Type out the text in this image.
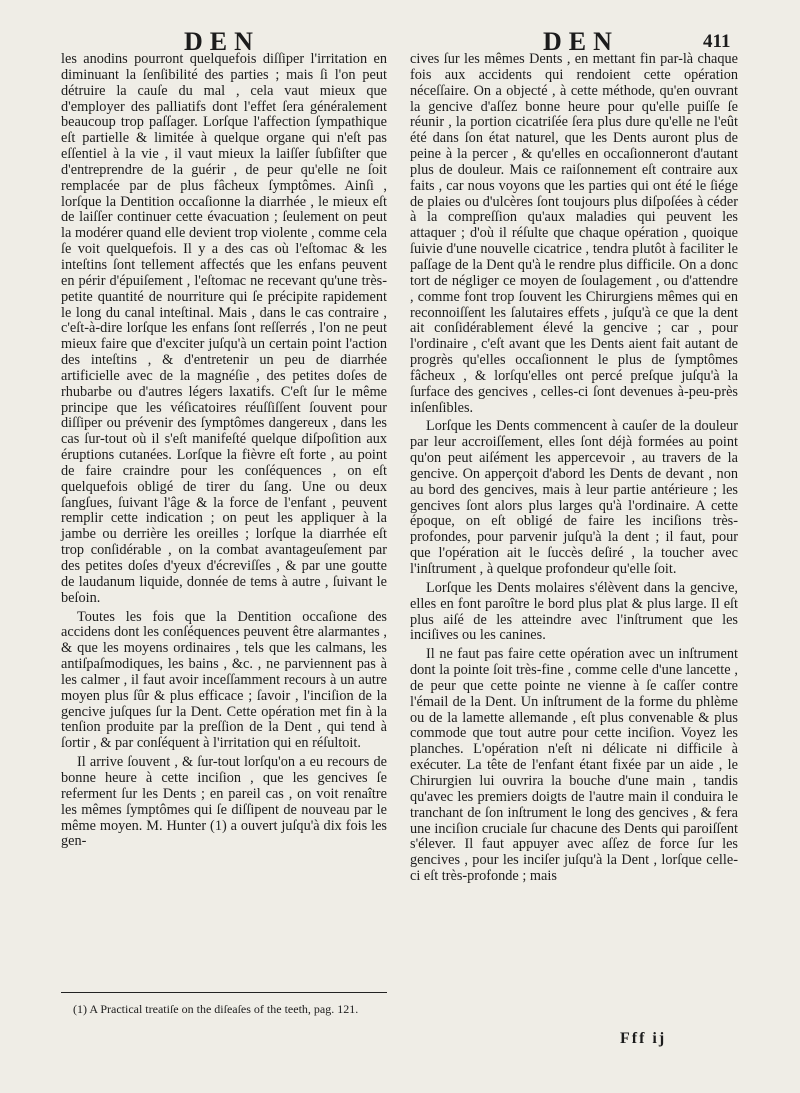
DEN	DEN	411

les anodins pourront quelquefois diſſiper l'irritation en diminuant la ſenſibilité des parties ; mais ſi l'on peut détruire la cauſe du mal , cela vaut mieux que d'employer des palliatifs dont l'effet ſera généralement beaucoup trop paſſager. Lorſque l'affection ſympathique eſt partielle & limitée à quelque organe qui n'eſt pas eſſentiel à la vie , il vaut mieux la laiſſer ſubſiſter que d'entreprendre de la guérir , de peur qu'elle ne ſoit remplacée par de plus fâcheux ſymptômes. Ainſi , lorſque la Dentition occaſionne la diarrhée , le mieux eſt de laiſſer continuer cette évacuation ; ſeulement on peut la modérer quand elle devient trop violente , comme cela ſe voit quelquefois. Il y a des cas où l'eſtomac & les inteſtins ſont tellement affectés que les enfans peuvent en périr d'épuiſement , l'eſtomac ne recevant qu'une très-petite quantité de nourriture qui ſe précipite rapidement le long du canal inteſtinal. Mais , dans le cas contraire , c'eſt-à-dire lorſque les enfans ſont reſſerrés , l'on ne peut mieux faire que d'exciter juſqu'à un certain point l'action des inteſtins , & d'entretenir un peu de diarrhée artificielle avec de la magnéſie , des petites doſes de rhubarbe ou d'autres légers laxatifs. C'eſt ſur le même principe que les véſicatoires réuſſiſſent ſouvent pour diſſiper ou prévenir des ſymptômes dangereux , dans les cas ſur-tout où il s'eſt manifeſté quelque diſpoſition aux éruptions cutanées. Lorſque la fièvre eſt forte , au point de faire craindre pour les conſéquences , on eſt quelquefois obligé de tirer du ſang. Une ou deux ſangſues, ſuivant l'âge & la force de l'enfant , peuvent remplir cette indication ; on peut les appliquer à la jambe ou derrière les oreilles ; lorſque la diarrhée eſt trop conſidérable , on la combat avantageuſement par des petites doſes d'yeux d'écreviſſes , & par une goutte de laudanum liquide, donnée de tems à autre , ſuivant le beſoin.

Toutes les fois que la Dentition occaſione des accidens dont les conſéquences peuvent être alarmantes , & que les moyens ordinaires , tels que les calmans, les antiſpaſmodiques, les bains , &c. , ne parviennent pas à les calmer , il faut avoir inceſſamment recours à un autre moyen plus ſûr & plus efficace ; ſavoir , l'inciſion de la gencive juſques ſur la Dent. Cette opération met fin à la tenſion produite par la preſſion de la Dent , qui tend à ſortir , & par conſéquent à l'irritation qui en réſultoit.

Il arrive ſouvent , & ſur-tout lorſqu'on a eu recours de bonne heure à cette inciſion , que les gencives ſe referment ſur les Dents ; en pareil cas , on voit renaître les mêmes ſymptômes qui ſe diſſipent de nouveau par le même moyen. M. Hunter (1) a ouvert juſqu'à dix fois les gen-

cives ſur les mêmes Dents , en mettant fin par-là chaque fois aux accidents qui rendoient cette opération néceſſaire. On a objecté , à cette méthode, qu'en ouvrant la gencive d'aſſez bonne heure pour qu'elle puiſſe ſe réunir , la portion cicatriſée ſera plus dure qu'elle ne l'eût été dans ſon état naturel, que les Dents auront plus de peine à la percer , & qu'elles en occaſionneront d'autant plus de douleur. Mais ce raiſonnement eſt contraire aux faits , car nous voyons que les parties qui ont été le ſiége de plaies ou d'ulcères ſont toujours plus diſpoſées à céder à la compreſſion qu'aux maladies qui peuvent les attaquer ; d'où il réſulte que chaque opération , quoique ſuivie d'une nouvelle cicatrice , tendra plutôt à faciliter le paſſage de la Dent qu'à le rendre plus difficile. On a donc tort de négliger ce moyen de ſoulagement , ou d'attendre , comme font trop ſouvent les Chirurgiens mêmes qui en reconnoiſſent les ſalutaires effets , juſqu'à ce que la dent ait conſidérablement élevé la gencive ; car , pour l'ordinaire , c'eſt avant que les Dents aient fait autant de progrès qu'elles occaſionnent le plus de ſymptômes fâcheux , & lorſqu'elles ont percé preſque juſqu'à la ſurface des gencives , celles-ci ſont devenues à-peu-près inſenſibles.

Lorſque les Dents commencent à cauſer de la douleur par leur accroiſſement, elles ſont déjà formées au point qu'on peut aiſément les appercevoir , au travers de la gencive. On apperçoit d'abord les Dents de devant , non au bord des gencives, mais à leur partie antérieure ; les gencives ſont alors plus larges qu'à l'ordinaire. A cette époque, on eſt obligé de faire les inciſions très-profondes, pour parvenir juſqu'à la dent ; il faut, pour que l'opération ait le ſuccès deſiré , la toucher avec l'inſtrument , à quelque profondeur qu'elle ſoit.

Lorſque les Dents molaires s'élèvent dans la gencive, elles en font paroître le bord plus plat & plus large. Il eſt plus aiſé de les atteindre avec l'inſtrument que les inciſives ou les canines.

Il ne faut pas faire cette opération avec un inſtrument dont la pointe ſoit très-fine , comme celle d'une lancette , de peur que cette pointe ne vienne à ſe caſſer contre l'émail de la Dent. Un inſtrument de la forme du phlème ou de la lamette allemande , eſt plus convenable & plus commode que tout autre pour cette inciſion. Voyez les planches. L'opération n'eſt ni délicate ni difficile à exécuter. La tête de l'enfant étant fixée par un aide , le Chirurgien lui ouvrira la bouche d'une main , tandis qu'avec les premiers doigts de l'autre main il conduira le tranchant de ſon inſtrument le long des gencives , & fera une inciſion cruciale ſur chacune des Dents qui paroiſſent s'élever. Il faut appuyer avec aſſez de force ſur les gencives , pour les inciſer juſqu'à la Dent , lorſque celle-ci eſt très-profonde ; mais

(1) A Practical treatiſe on the diſeaſes of the teeth, pag. 121.
Fff ij
